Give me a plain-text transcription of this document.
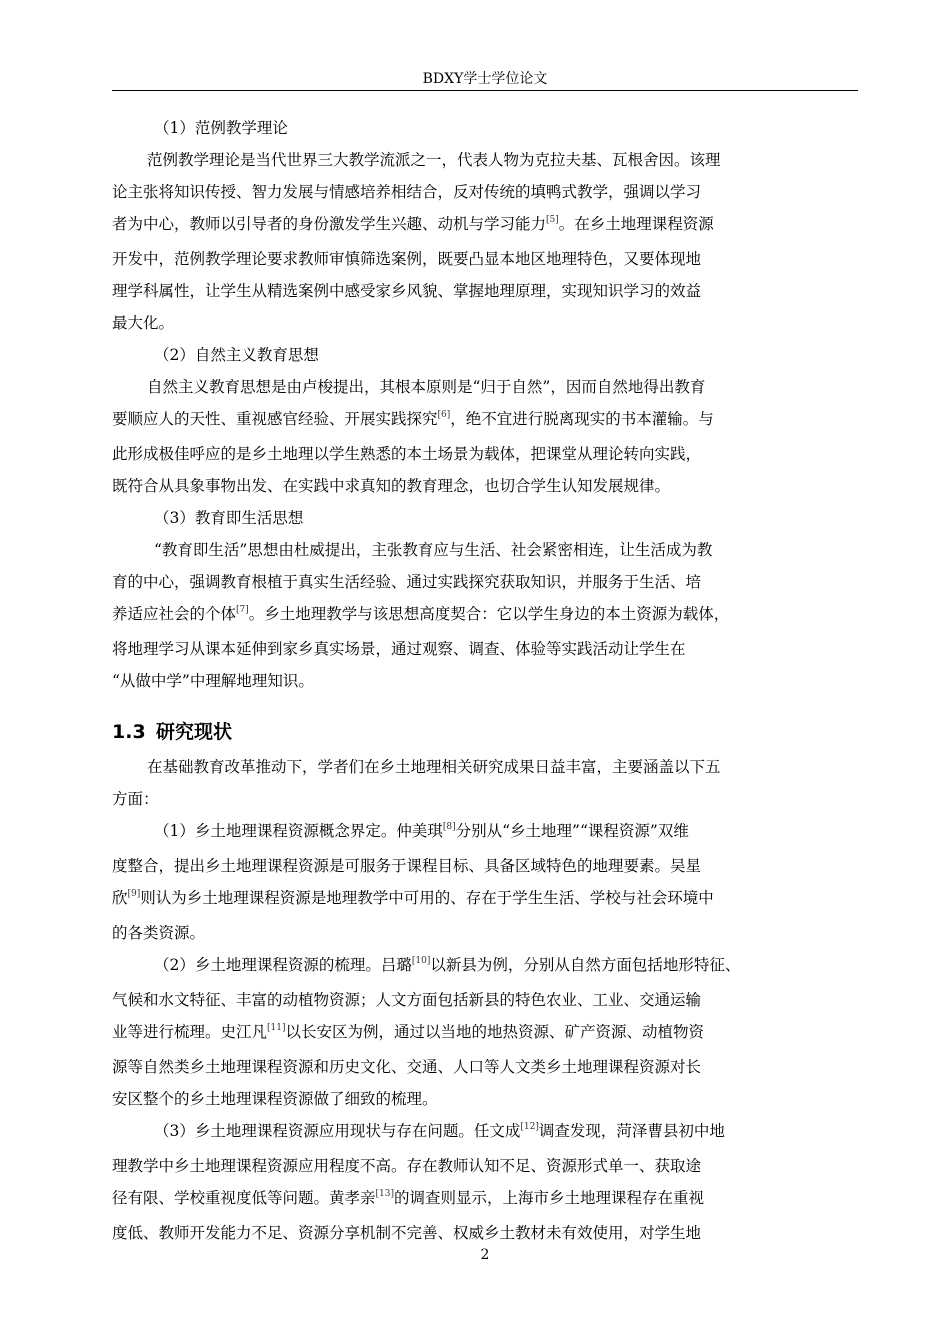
BDXY学士学位论文

（1）范例教学理论

范例教学理论是当代世界三大教学流派之一，代表人物为克拉夫基、瓦根舍因。该理

论主张将知识传授、智力发展与情感培养相结合，反对传统的填鸭式教学，强调以学习

者为中心，教师以引导者的身份激发学生兴趣、动机与学习能力[5]。在乡土地理课程资源

开发中，范例教学理论要求教师审慎筛选案例，既要凸显本地区地理特色，又要体现地

理学科属性，让学生从精选案例中感受家乡风貌、掌握地理原理，实现知识学习的效益

最大化。

（2）自然主义教育思想

自然主义教育思想是由卢梭提出，其根本原则是“归于自然”，因而自然地得出教育

要顺应人的天性、重视感官经验、开展实践探究[6]，绝不宜进行脱离现实的书本灌输。与

此形成极佳呼应的是乡土地理以学生熟悉的本土场景为载体，把课堂从理论转向实践，

既符合从具象事物出发、在实践中求真知的教育理念，也切合学生认知发展规律。

（3）教育即生活思想

“教育即生活”思想由杜威提出，主张教育应与生活、社会紧密相连，让生活成为教

育的中心，强调教育根植于真实生活经验、通过实践探究获取知识，并服务于生活、培

养适应社会的个体[7]。乡土地理教学与该思想高度契合：它以学生身边的本土资源为载体，

将地理学习从课本延伸到家乡真实场景，通过观察、调查、体验等实践活动让学生在

“从做中学”中理解地理知识。

1.3 研究现状

在基础教育改革推动下，学者们在乡土地理相关研究成果日益丰富，主要涵盖以下五

方面：

（1）乡土地理课程资源概念界定。仲美琪[8]分别从“乡土地理”“课程资源”双维

度整合，提出乡土地理课程资源是可服务于课程目标、具备区域特色的地理要素。吴星

欣[9]则认为乡土地理课程资源是地理教学中可用的、存在于学生生活、学校与社会环境中

的各类资源。

（2）乡土地理课程资源的梳理。吕璐[10]以新县为例，分别从自然方面包括地形特征、

气候和水文特征、丰富的动植物资源；人文方面包括新县的特色农业、工业、交通运输

业等进行梳理。史江凡[11]以长安区为例，通过以当地的地热资源、矿产资源、动植物资

源等自然类乡土地理课程资源和历史文化、交通、人口等人文类乡土地理课程资源对长

安区整个的乡土地理课程资源做了细致的梳理。

（3）乡土地理课程资源应用现状与存在问题。任文成[12]调查发现，菏泽曹县初中地

理教学中乡土地理课程资源应用程度不高。存在教师认知不足、资源形式单一、获取途

径有限、学校重视度低等问题。黄孝亲[13]的调查则显示，上海市乡土地理课程存在重视

度低、教师开发能力不足、资源分享机制不完善、权威乡土教材未有效使用，对学生地

2
